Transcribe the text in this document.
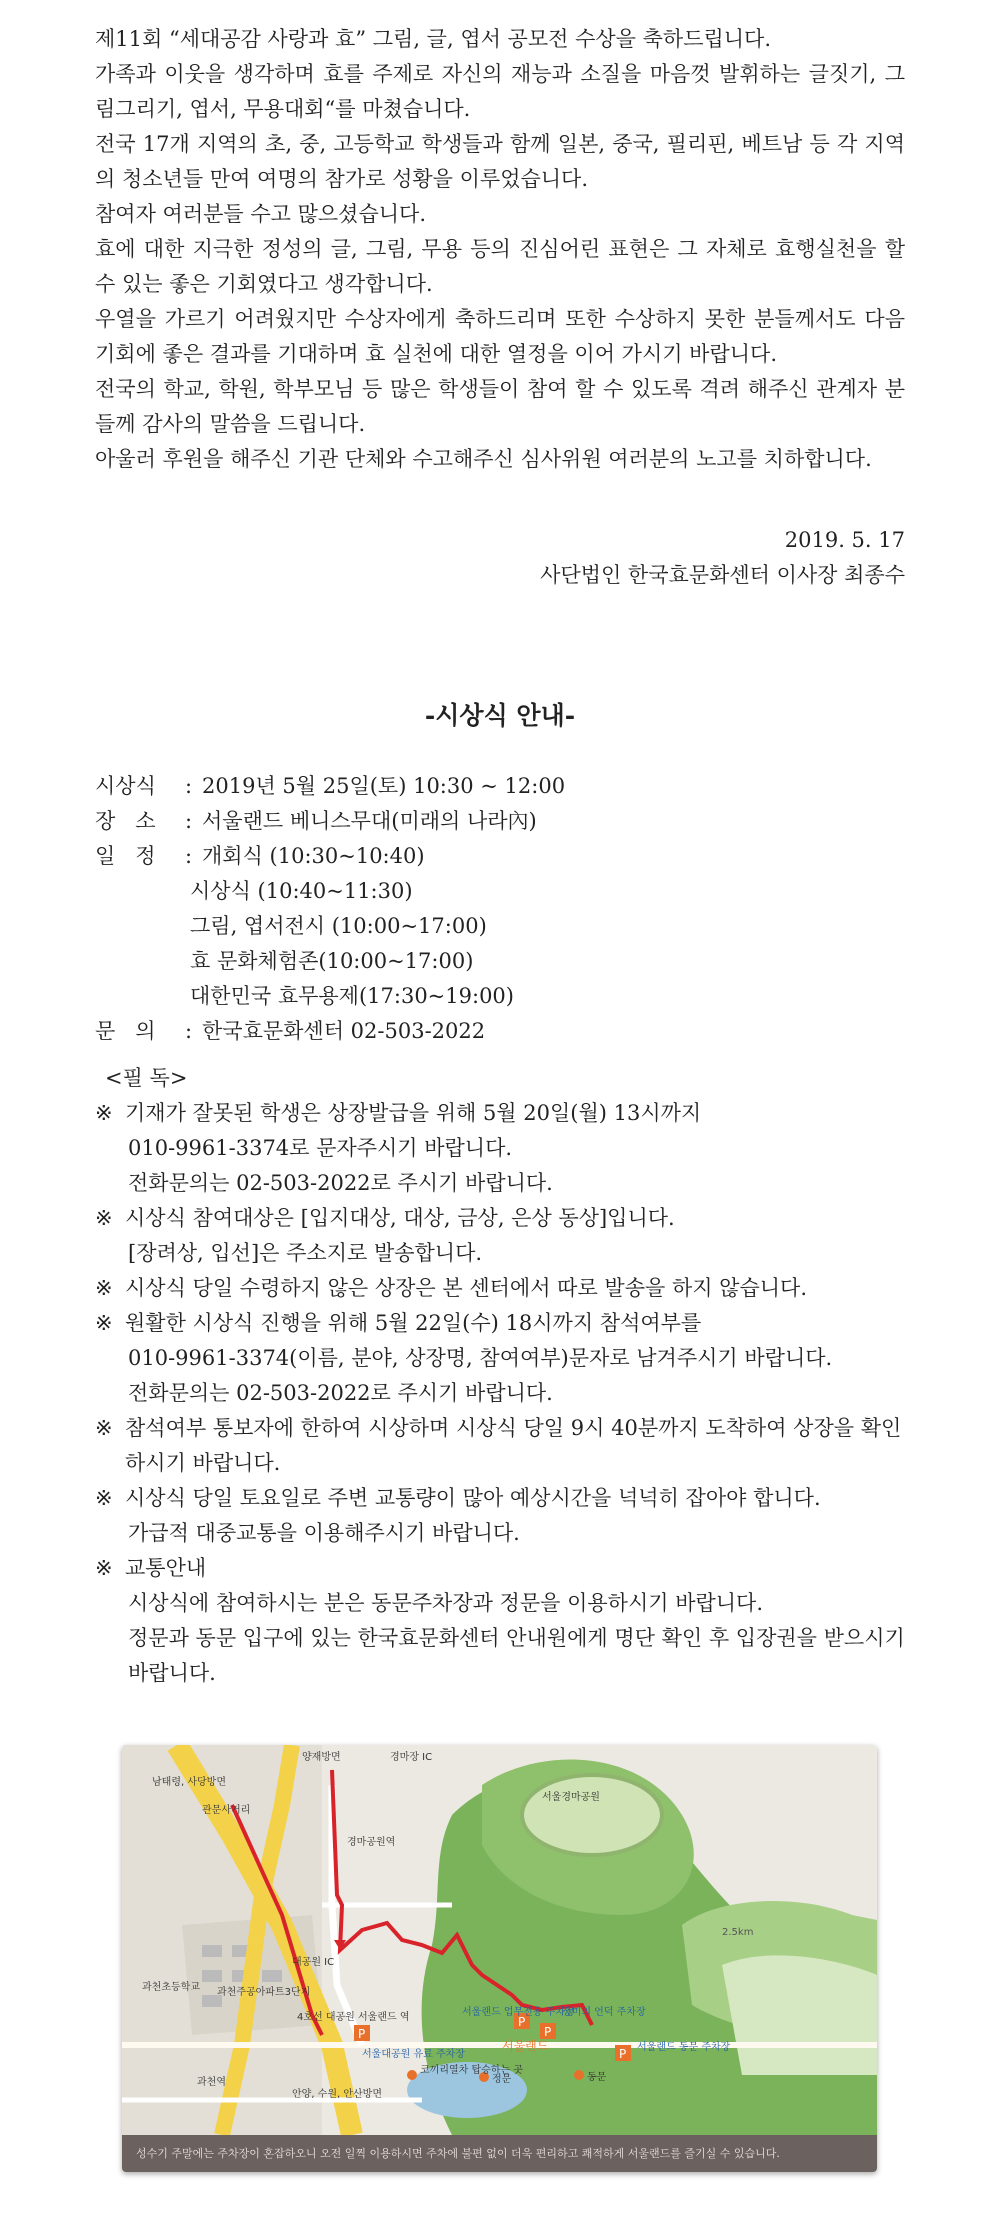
제11회 “세대공감 사랑과 효” 그림, 글, 엽서 공모전 수상을 축하드립니다.

가족과 이웃을 생각하며 효를 주제로 자신의 재능과 소질을 마음껏 발휘하는 글짓기, 그림그리기, 엽서, 무용대회“를 마쳤습니다.

전국 17개 지역의 초, 중, 고등학교 학생들과 함께 일본, 중국, 필리핀, 베트남 등 각 지역의 청소년들 만여 여명의 참가로 성황을 이루었습니다.

참여자 여러분들 수고 많으셨습니다.

효에 대한 지극한 정성의 글, 그림, 무용 등의 진심어린 표현은 그 자체로 효행실천을 할 수 있는 좋은 기회였다고 생각합니다.

우열을 가르기 어려웠지만 수상자에게 축하드리며 또한 수상하지 못한 분들께서도 다음 기회에 좋은 결과를 기대하며 효 실천에 대한 열정을 이어 가시기 바랍니다.

전국의 학교, 학원, 학부모님 등 많은 학생들이 참여 할 수 있도록 격려 해주신 관계자 분들께 감사의 말씀을 드립니다.

아울러 후원을 해주신 기관 단체와 수고해주신 심사위원 여러분의 노고를 치하합니다.

2019. 5. 17

사단법인 한국효문화센터 이사장 최종수

-시상식 안내-
시상식	: 2019년 5월 25일(토) 10:30 ~ 12:00
장   소	: 서울랜드 베니스무대(미래의 나라內)
일   정	: 개회식 (10:30~10:40)
시상식 (10:40~11:30)
그림, 엽서전시 (10:00~17:00)
효 문화체험존(10:00~17:00)
대한민국 효무용제(17:30~19:00)
문   의	: 한국효문화센터 02-503-2022
<필 독>
※ 기재가 잘못된 학생은 상장발급을 위해 5월 20일(월) 13시까지
010-9961-3374로 문자주시기 바랍니다.
전화문의는 02-503-2022로 주시기 바랍니다.
※ 시상식 참여대상은 [입지대상, 대상, 금상, 은상 동상]입니다.
[장려상, 입선]은 주소지로 발송합니다.
※ 시상식 당일 수령하지 않은 상장은 본 센터에서 따로 발송을 하지 않습니다.
※ 원활한 시상식 진행을 위해 5월 22일(수) 18시까지 참석여부를
010-9961-3374(이름, 분야, 상장명, 참여여부)문자로 남겨주시기 바랍니다.
전화문의는 02-503-2022로 주시기 바랍니다.
※ 참석여부 통보자에 한하여 시상하며 시상식 당일 9시 40분까지 도착하여 상장을 확인하시기 바랍니다.
※ 시상식 당일 토요일로 주변 교통량이 많아 예상시간을 넉넉히 잡아야 합니다.
가급적 대중교통을 이용해주시기 바랍니다.
※ 교통안내
시상식에 참여하시는 분은 동문주차장과 정문을 이용하시기 바랍니다.
정문과 동문 입구에 있는 한국효문화센터 안내원에게 명단 확인 후 입장권을 받으시기 바랍니다.
P
P
P
P
남태령, 사당방면
양재방면
관문사거리
경마장 IC
서울경마공원
경마공원역
대공원 IC
과천초등학교 과천주공아파트3단지
과천역
4호선 대공원 서울랜드 역
서울대공원 유료 주차장
코끼리열차 탑승하는 곳
정문
서울랜드 업무전용 주차장
서울랜드
장미의 언덕 주차장
동문
서울랜드 동문 주차장
안양, 수원, 안산방면
2.5km
성수기 주말에는 주차장이 혼잡하오니 오전 일찍 이용하시면 주차에 불편 없이 더욱 편리하고 쾌적하게 서울랜드를 즐기실 수 있습니다.
